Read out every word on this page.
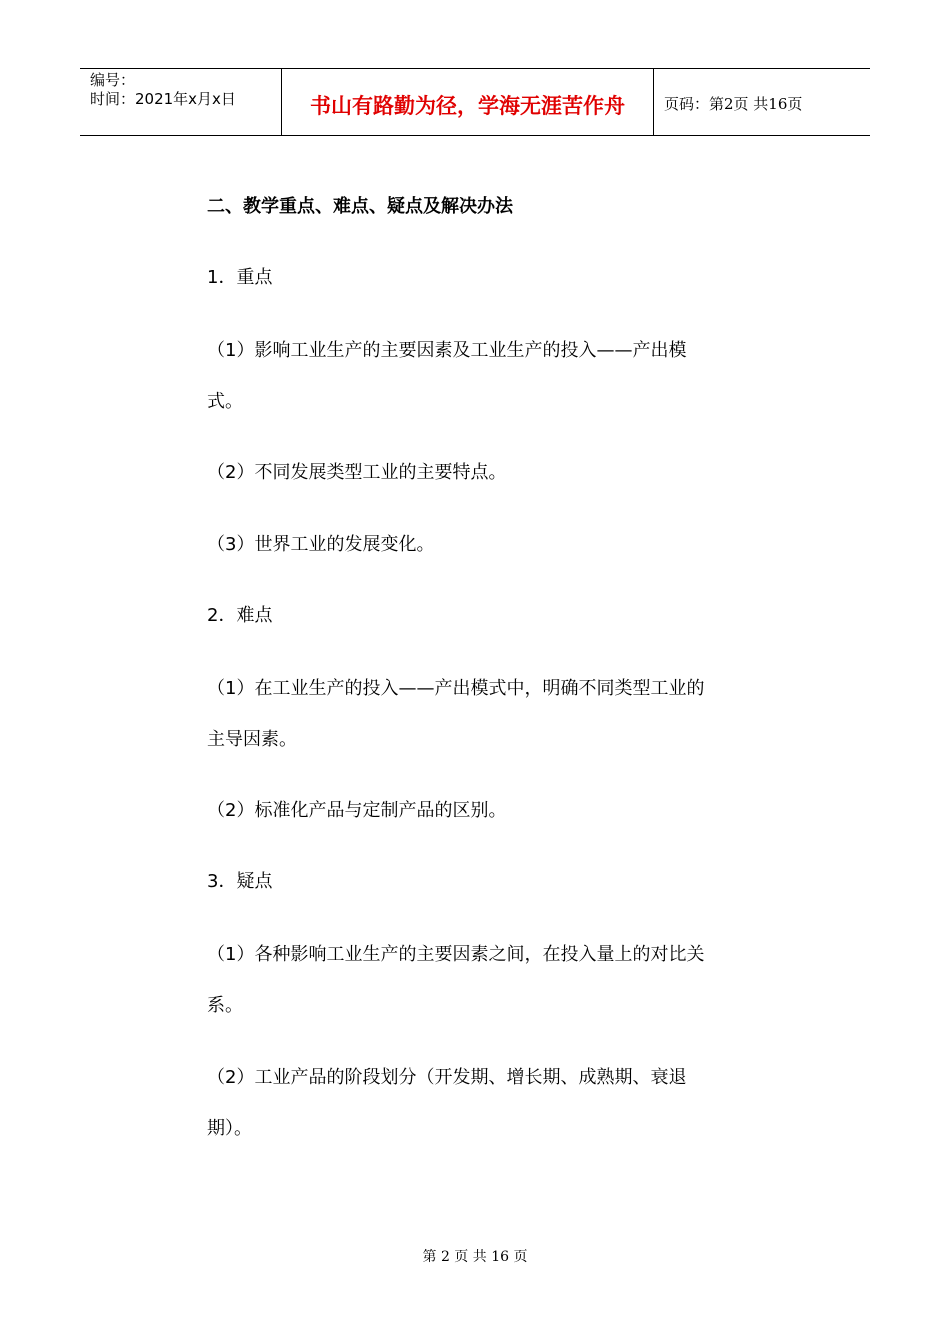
编号：
时间：2021年x月x日	书山有路勤为径，学海无涯苦作舟	页码：第2页 共16页
二、教学重点、难点、疑点及解决办法
1．重点
（1）影响工业生产的主要因素及工业生产的投入——产出模
式。
（2）不同发展类型工业的主要特点。
（3）世界工业的发展变化。
2．难点
（1）在工业生产的投入——产出模式中，明确不同类型工业的
主导因素。
（2）标准化产品与定制产品的区别。
3．疑点
（1）各种影响工业生产的主要因素之间，在投入量上的对比关
系。
（2）工业产品的阶段划分（开发期、增长期、成熟期、衰退
期）。
第 2 页 共 16 页
